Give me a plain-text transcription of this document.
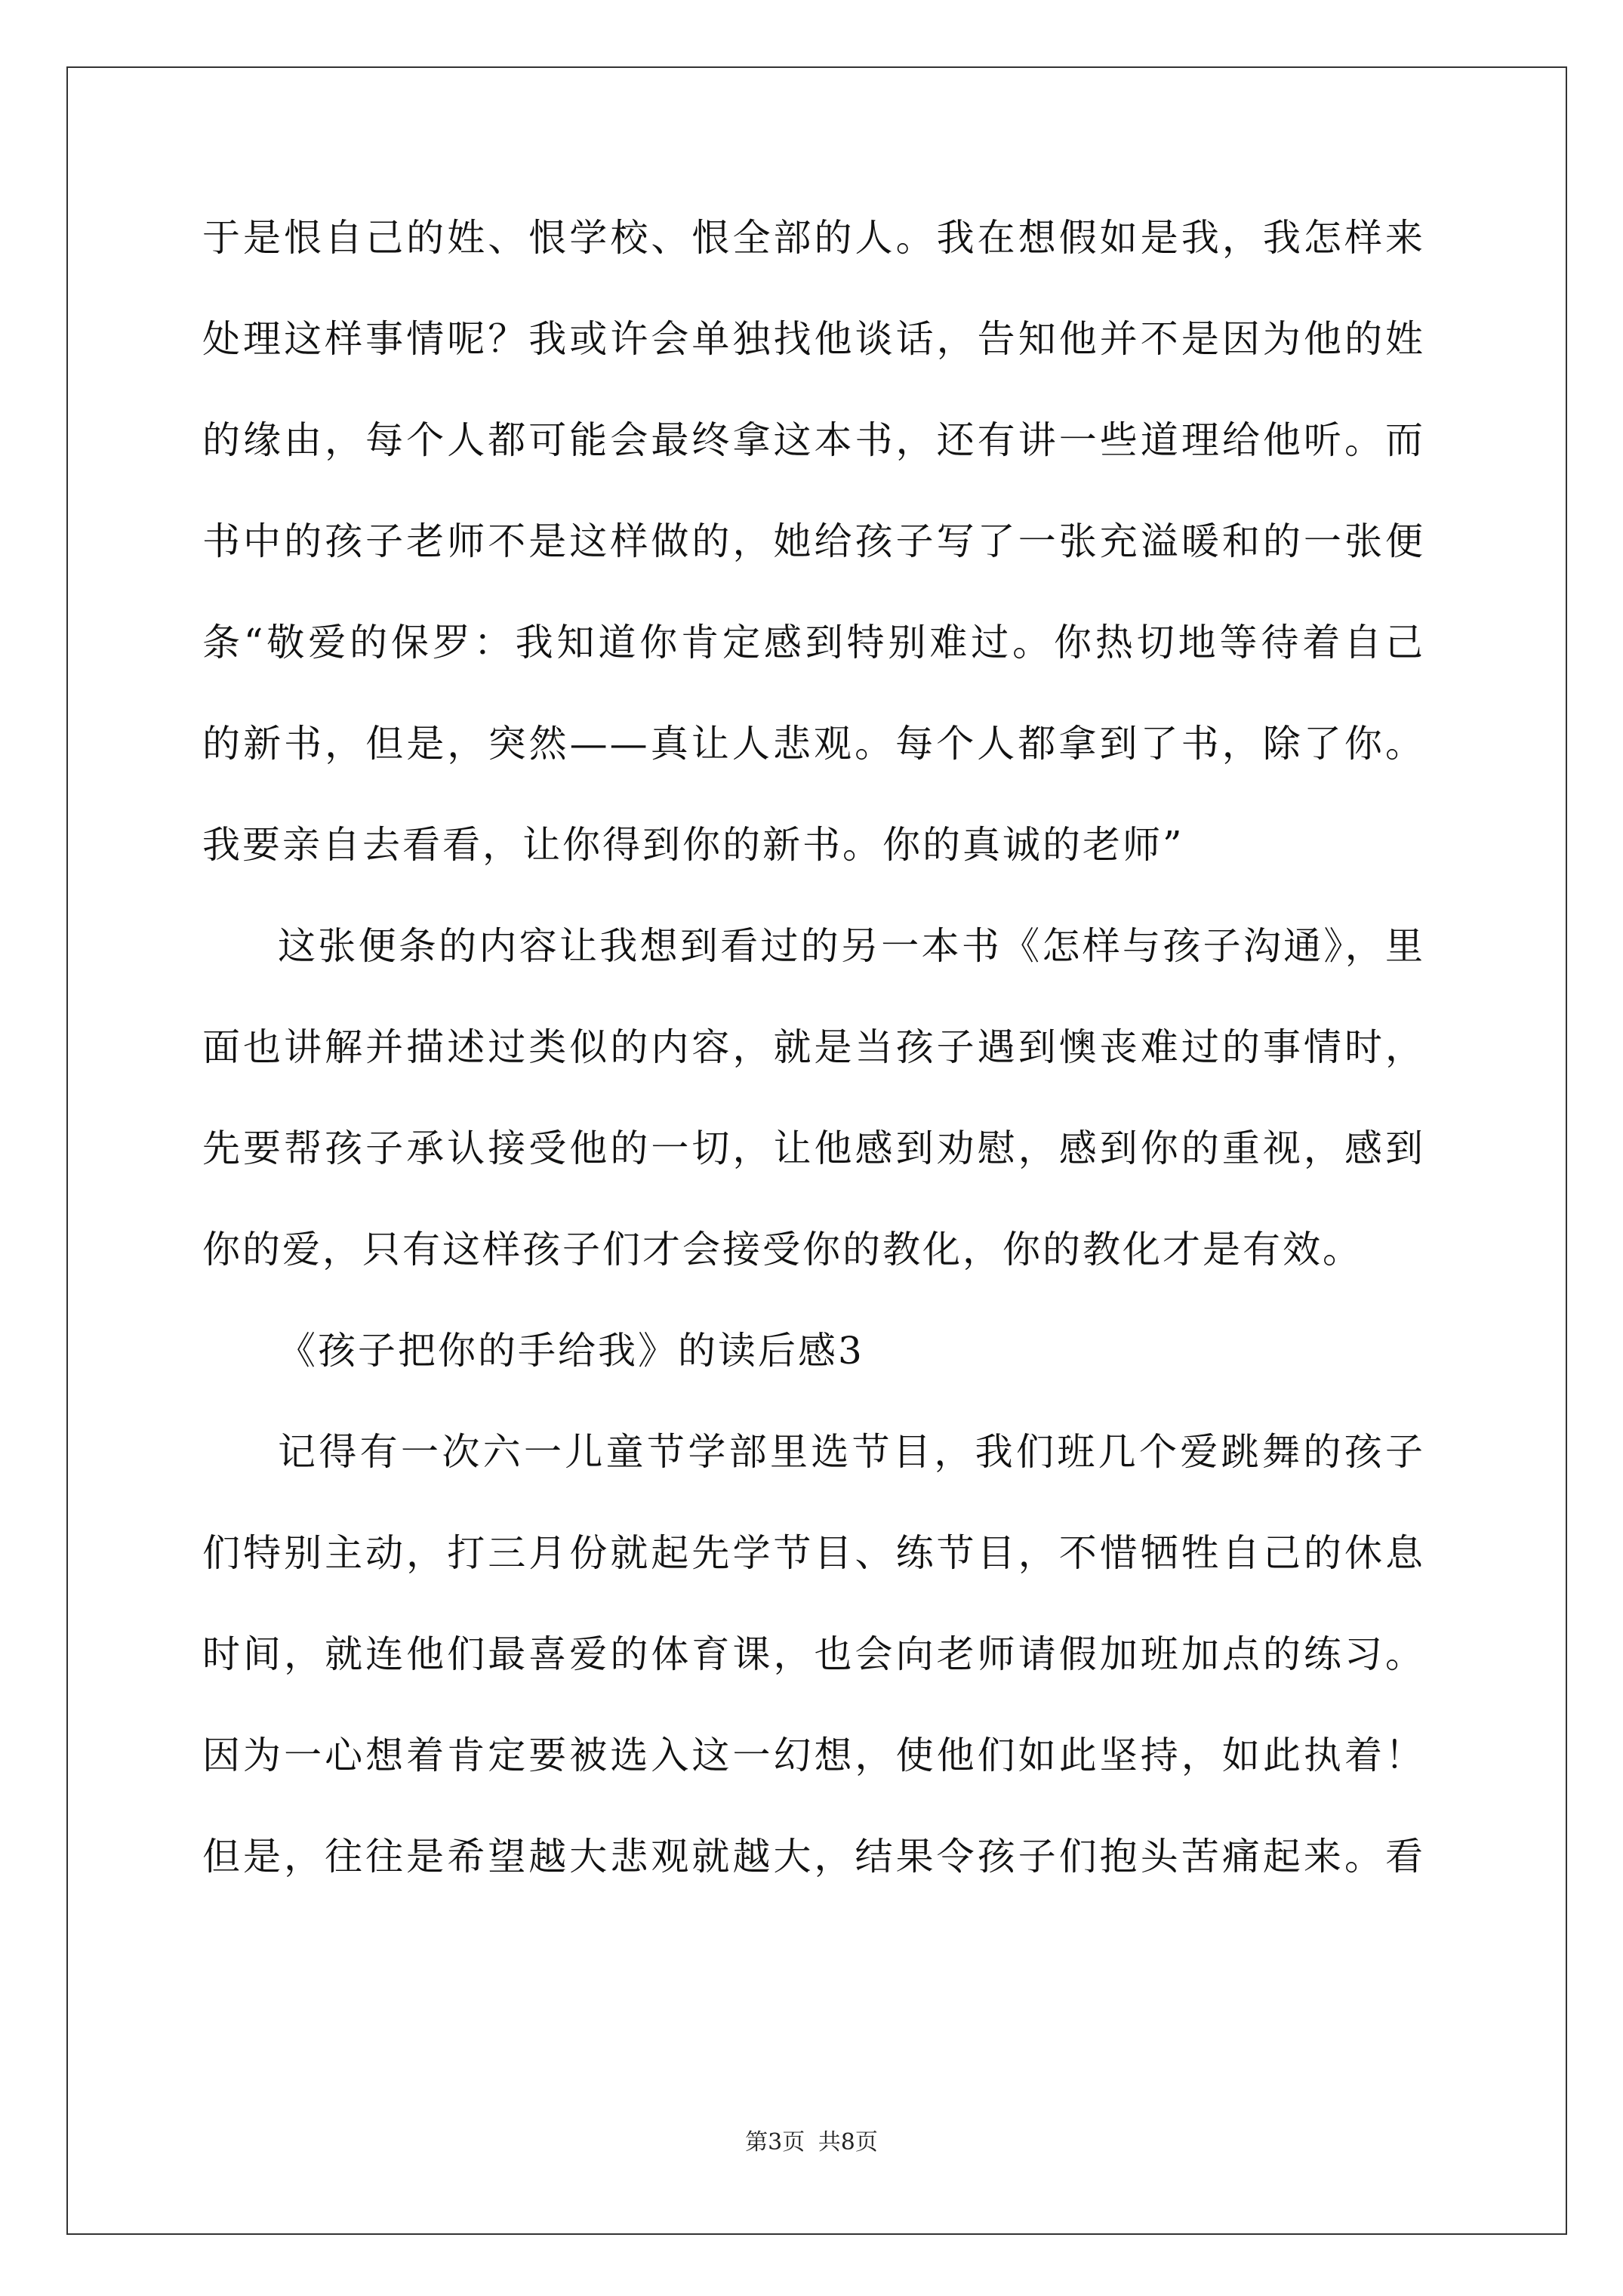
于是恨自己的姓、恨学校、恨全部的人。我在想假如是我，我怎样来
处理这样事情呢？我或许会单独找他谈话，告知他并不是因为他的姓
的缘由，每个人都可能会最终拿这本书，还有讲一些道理给他听。而
书中的孩子老师不是这样做的，她给孩子写了一张充溢暖和的一张便
条“敬爱的保罗：我知道你肯定感到特别难过。你热切地等待着自己
的新书，但是，突然——真让人悲观。每个人都拿到了书，除了你。
我要亲自去看看，让你得到你的新书。你的真诚的老师”
这张便条的内容让我想到看过的另一本书《怎样与孩子沟通》，里
面也讲解并描述过类似的内容，就是当孩子遇到懊丧难过的事情时，
先要帮孩子承认接受他的一切，让他感到劝慰，感到你的重视，感到
你的爱，只有这样孩子们才会接受你的教化，你的教化才是有效。
《孩子把你的手给我》的读后感3
记得有一次六一儿童节学部里选节目，我们班几个爱跳舞的孩子
们特别主动，打三月份就起先学节目、练节目，不惜牺牲自己的休息
时间，就连他们最喜爱的体育课，也会向老师请假加班加点的练习。
因为一心想着肯定要被选入这一幻想，使他们如此坚持，如此执着！
但是，往往是希望越大悲观就越大，结果令孩子们抱头苦痛起来。看
第3页 共8页
